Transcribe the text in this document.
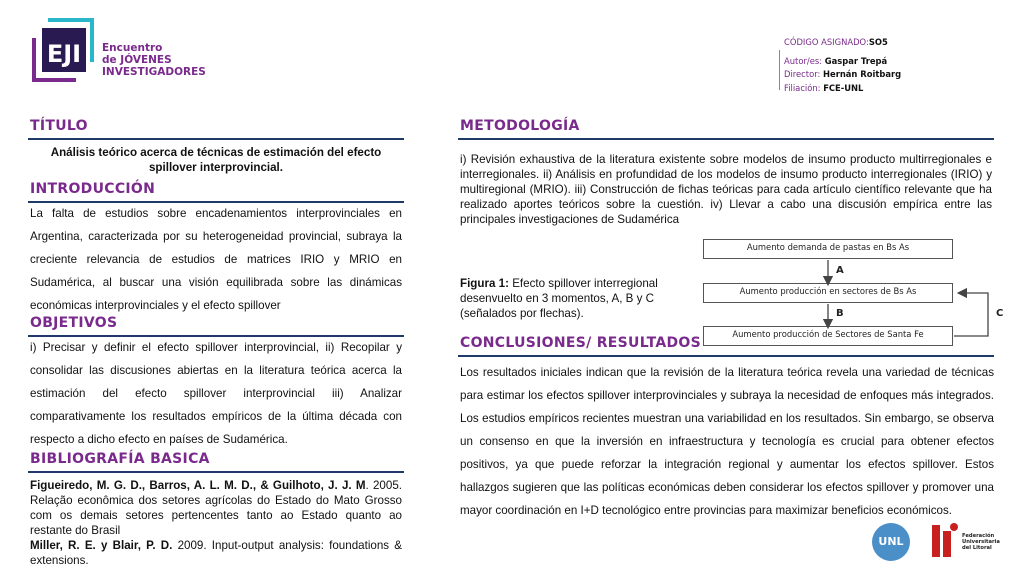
EJI Encuentro
de JÓVENES
INVESTIGADORES
CÓDIGO ASIGNADO:SO5
Autor/es: Gaspar Trepá
Director: Hernán Roitbarg
Filiación: FCE-UNL
TÍTULO
Análisis teórico acerca de técnicas de estimación del efecto
spillover interprovincial.
INTRODUCCIÓN
La falta de estudios sobre encadenamientos interprovinciales en Argentina, caracterizada por su heterogeneidad provincial, subraya la creciente relevancia de estudios de matrices IRIO y MRIO en Sudamérica, al buscar una visión equilibrada sobre las dinámicas económicas interprovinciales y el efecto spillover
OBJETIVOS
i) Precisar y definir el efecto spillover interprovincial, ii) Recopilar y consolidar las discusiones abiertas en la literatura teórica acerca la estimación del efecto spillover interprovincial iii) Analizar comparativamente los resultados empíricos de la última década con respecto a dicho efecto en países de Sudamérica.
BIBLIOGRAFÍA BASICA
Figueiredo, M. G. D., Barros, A. L. M. D., & Guilhoto, J. J. M. 2005. Relação econômica dos setores agrícolas do Estado do Mato Grosso com os demais setores pertencentes tanto ao Estado quanto ao restante do Brasil
Miller, R. E. y Blair, P. D. 2009. Input-output analysis: foundations & extensions.
METODOLOGÍA
i) Revisión exhaustiva de la literatura existente sobre modelos de insumo producto multirregionales e interregionales. ii) Análisis en profundidad de los modelos de insumo producto interregionales (IRIO) y multiregional (MRIO). iii) Construcción de fichas teóricas para cada artículo científico relevante que ha realizado aportes teóricos sobre la cuestión. iv) Llevar a cabo una discusión empírica entre las principales investigaciones de Sudamérica
Figura 1: Efecto spillover interregional desenvuelto en 3 momentos, A, B y C (señalados por flechas).
Aumento demanda de pastas en Bs As
Aumento producción en sectores de Bs As
Aumento producción de Sectores de Santa Fe
A
B	C
CONCLUSIONES/ RESULTADOS
Los resultados iniciales indican que la revisión de la literatura teórica revela una variedad de técnicas para estimar los efectos spillover interprovinciales y subraya la necesidad de enfoques más integrados. Los estudios empíricos recientes muestran una variabilidad en los resultados. Sin embargo, se observa un consenso en que la inversión en infraestructura y tecnología es crucial para obtener efectos positivos, ya que puede reforzar la integración regional y aumentar los efectos spillover. Estos hallazgos sugieren que las políticas económicas deben considerar los efectos spillover y promover una mayor coordinación en I+D tecnológico entre provincias para maximizar beneficios económicos.
UNL	Federación
Universitaria
del Litoral
